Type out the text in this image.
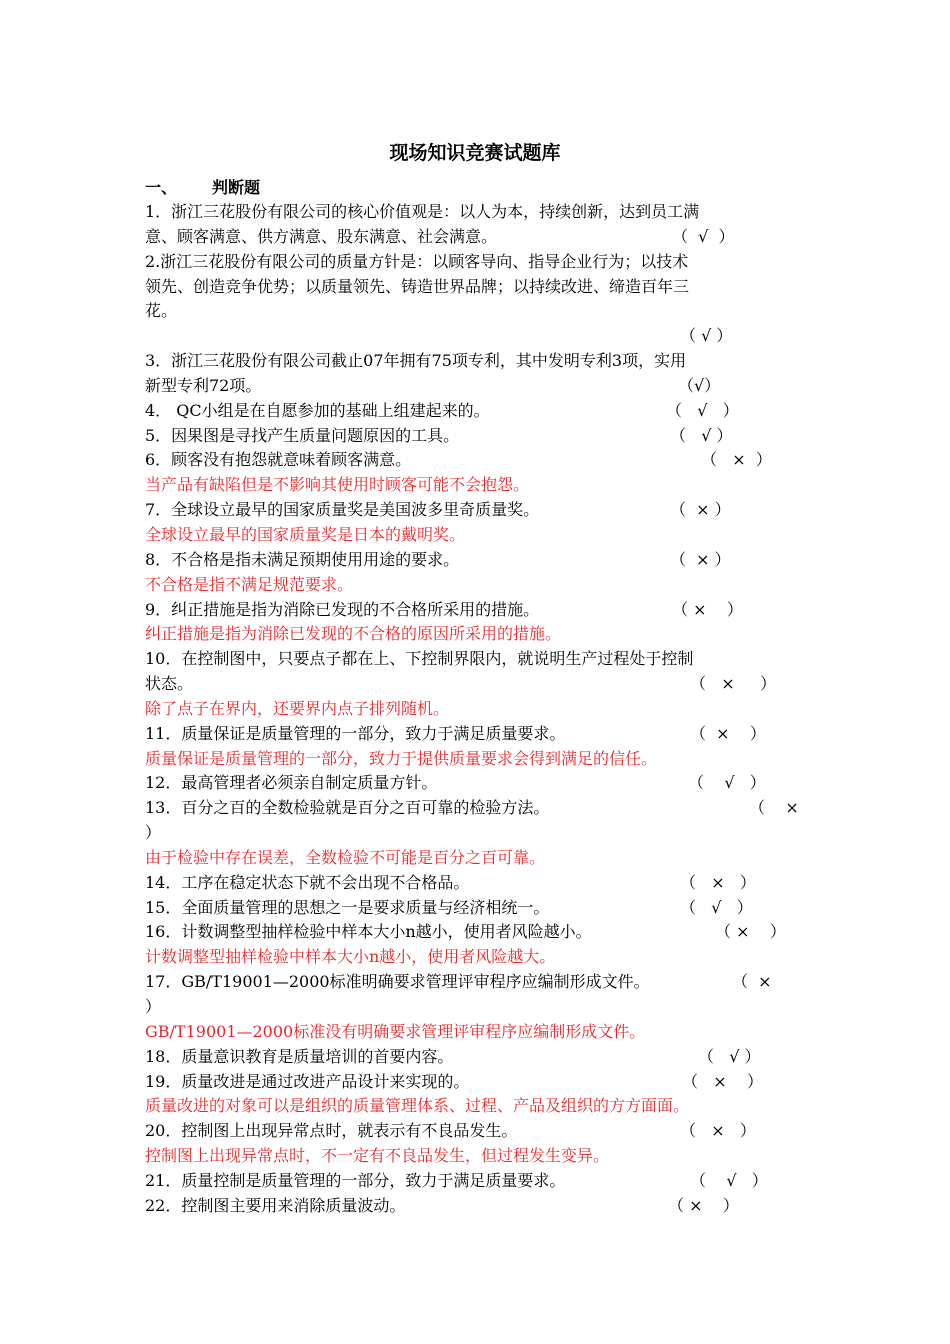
现场知识竞赛试题库
一、 判断题
1．浙江三花股份有限公司的核心价值观是：以人为本，持续创新，达到员工满
意、顾客满意、供方满意、股东满意、社会满意。	（  √  ）
2.浙江三花股份有限公司的质量方针是：以顾客导向、指导企业行为；以技术
领先、创造竞争优势；以质量领先、铸造世界品牌；以持续改进、缔造百年三
花。
（ √ ）
3．浙江三花股份有限公司截止07年拥有75项专利，其中发明专利3项，实用
新型专利72项。	（√）
4． QC小组是在自愿参加的基础上组建起来的。	（   √   ）
5．因果图是寻找产生质量问题原因的工具。	（   √ ）
6．顾客没有抱怨就意味着顾客满意。	（   ×  ）
当产品有缺陷但是不影响其使用时顾客可能不会抱怨。
7．全球设立最早的国家质量奖是美国波多里奇质量奖。	（  × ）
全球设立最早的国家质量奖是日本的戴明奖。
8．不合格是指未满足预期使用用途的要求。	（  × ）
不合格是指不满足规范要求。
9．纠正措施是指为消除已发现的不合格所采用的措施。	（ ×    ）
纠正措施是指为消除已发现的不合格的原因所采用的措施。
10．在控制图中，只要点子都在上、下控制界限内，就说明生产过程处于控制
状态。	（   ×     ）
除了点子在界内，还要界内点子排列随机。
11．质量保证是质量管理的一部分，致力于满足质量要求。	（  ×    ）
质量保证是质量管理的一部分，致力于提供质量要求会得到满足的信任。
12．最高管理者必须亲自制定质量方针。	（    √   ）
13．百分之百的全数检验就是百分之百可靠的检验方法。	（    ×
）
由于检验中存在误差，全数检验不可能是百分之百可靠。
14．工序在稳定状态下就不会出现不合格品。	（   ×   ）
15．全面质量管理的思想之一是要求质量与经济相统一。	（   √   ）
16．计数调整型抽样检验中样本大小n越小，使用者风险越小。	（ ×    ）
计数调整型抽样检验中样本大小n越小，使用者风险越大。
17．GB/T19001—2000标准明确要求管理评审程序应编制形成文件。	（  ×
）
GB/T19001—2000标准没有明确要求管理评审程序应编制形成文件。
18．质量意识教育是质量培训的首要内容。	（   √ ）
19．质量改进是通过改进产品设计来实现的。	（   ×    ）
质量改进的对象可以是组织的质量管理体系、过程、产品及组织的方方面面。
20．控制图上出现异常点时，就表示有不良品发生。	（   ×   ）
控制图上出现异常点时，不一定有不良品发生，但过程发生变异。
21．质量控制是质量管理的一部分，致力于满足质量要求。	（    √   ）
22．控制图主要用来消除质量波动。	（ ×    ）
